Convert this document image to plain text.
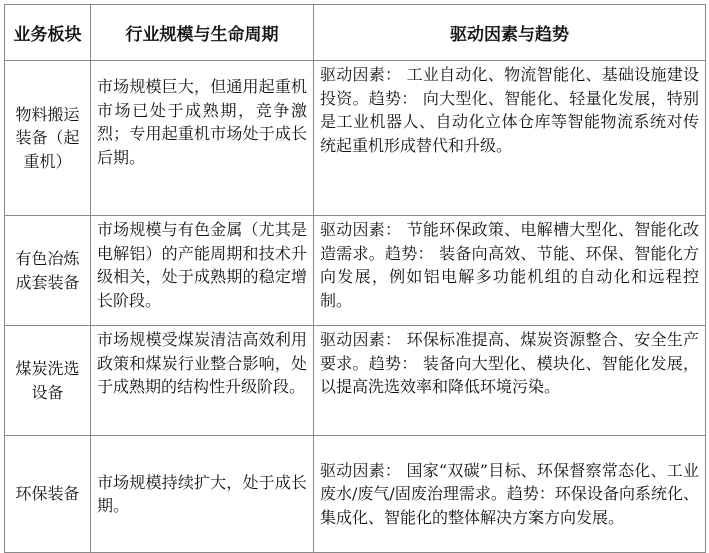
业务板块	行业规模与生命周期	驱动因素与趋势
物料搬运装备（起重机）	市场规模巨大，但通用起重机市场已处于成熟期，竞争激烈；专用起重机市场处于成长后期。	驱动因素： 工业自动化、物流智能化、基础设施建设投资。趋势： 向大型化、智能化、轻量化发展，特别是工业机器人、自动化立体仓库等智能物流系统对传统起重机形成替代和升级。
有色冶炼成套装备	市场规模与有色金属（尤其是电解铝）的产能周期和技术升级相关，处于成熟期的稳定增长阶段。	驱动因素： 节能环保政策、电解槽大型化、智能化改造需求。趋势： 装备向高效、节能、环保、智能化方向发展，例如铝电解多功能机组的自动化和远程控制。
煤炭洗选设备	市场规模受煤炭清洁高效利用政策和煤炭行业整合影响，处于成熟期的结构性升级阶段。	驱动因素： 环保标准提高、煤炭资源整合、安全生产要求。趋势： 装备向大型化、模块化、智能化发展，以提高洗选效率和降低环境污染。
环保装备	市场规模持续扩大，处于成长期。	驱动因素： 国家“双碳”目标、环保督察常态化、工业废水/废气/固废治理需求。趋势：环保设备向系统化、集成化、智能化的整体解决方案方向发展。
